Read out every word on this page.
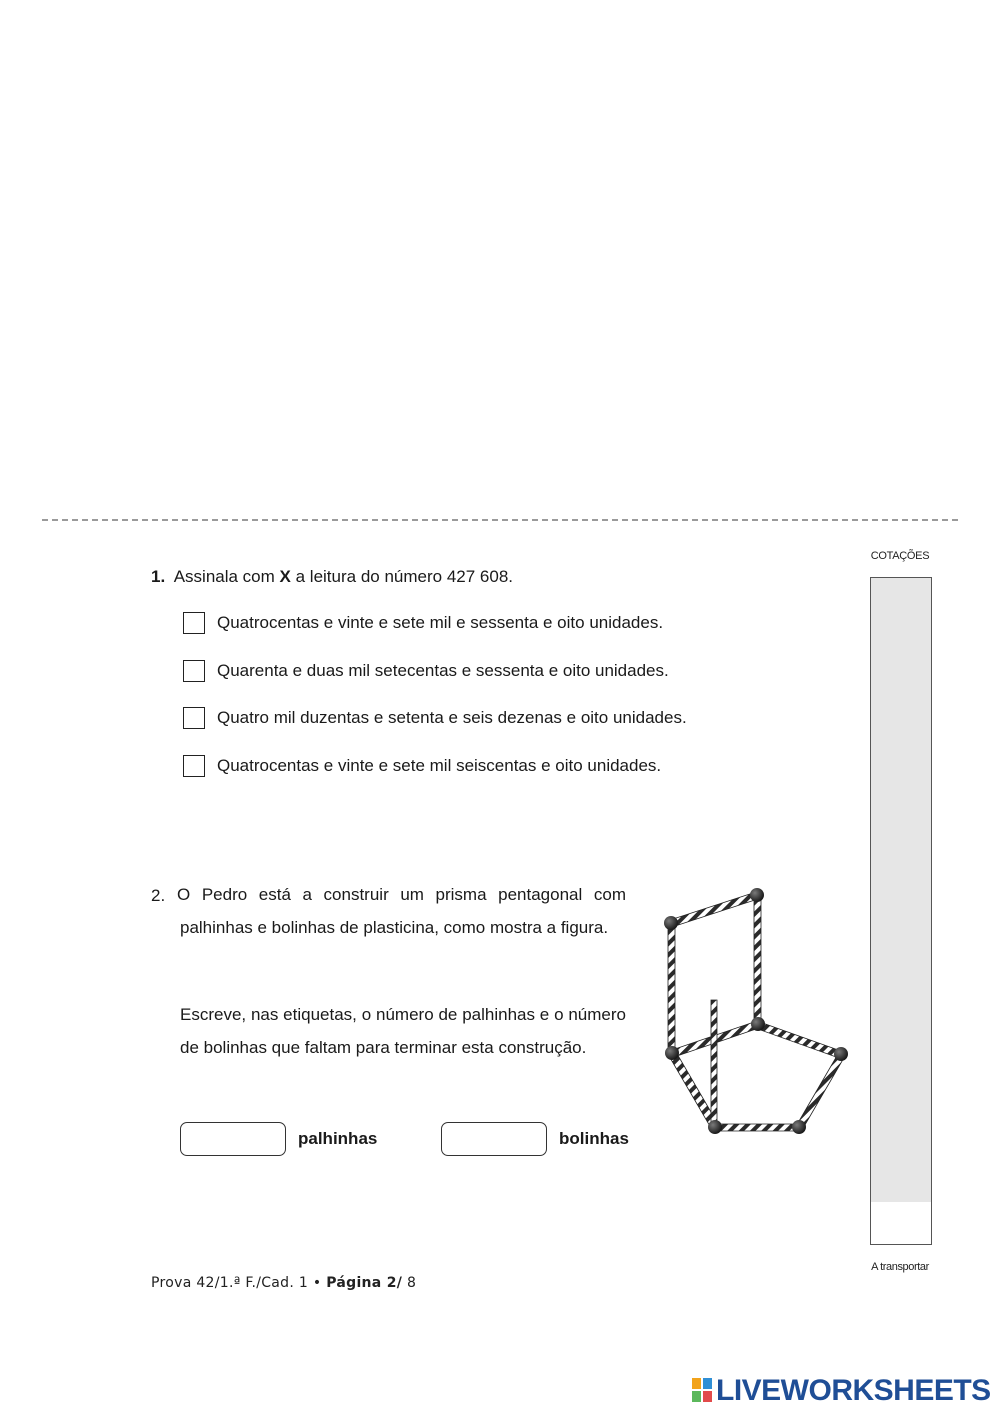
COTAÇÕES
A transportar
1. Assinala com X a leitura do número 427 608.
Quatrocentas e vinte e sete mil e sessenta e oito unidades.
Quarenta e duas mil setecentas e sessenta e oito unidades.
Quatro mil duzentas e setenta e seis dezenas e oito unidades.
Quatrocentas e vinte e sete mil seiscentas e oito unidades.
2. O Pedro está a construir um prisma pentagonal com palhinhas e bolinhas de plasticina, como mostra a figura.
Escreve, nas etiquetas, o número de palhinhas e o número de bolinhas que faltam para terminar esta construção.
palhinhas	bolinhas
Prova 42/1.ª F./Cad. 1 • Página 2/ 8
LIVEWORKSHEETS
